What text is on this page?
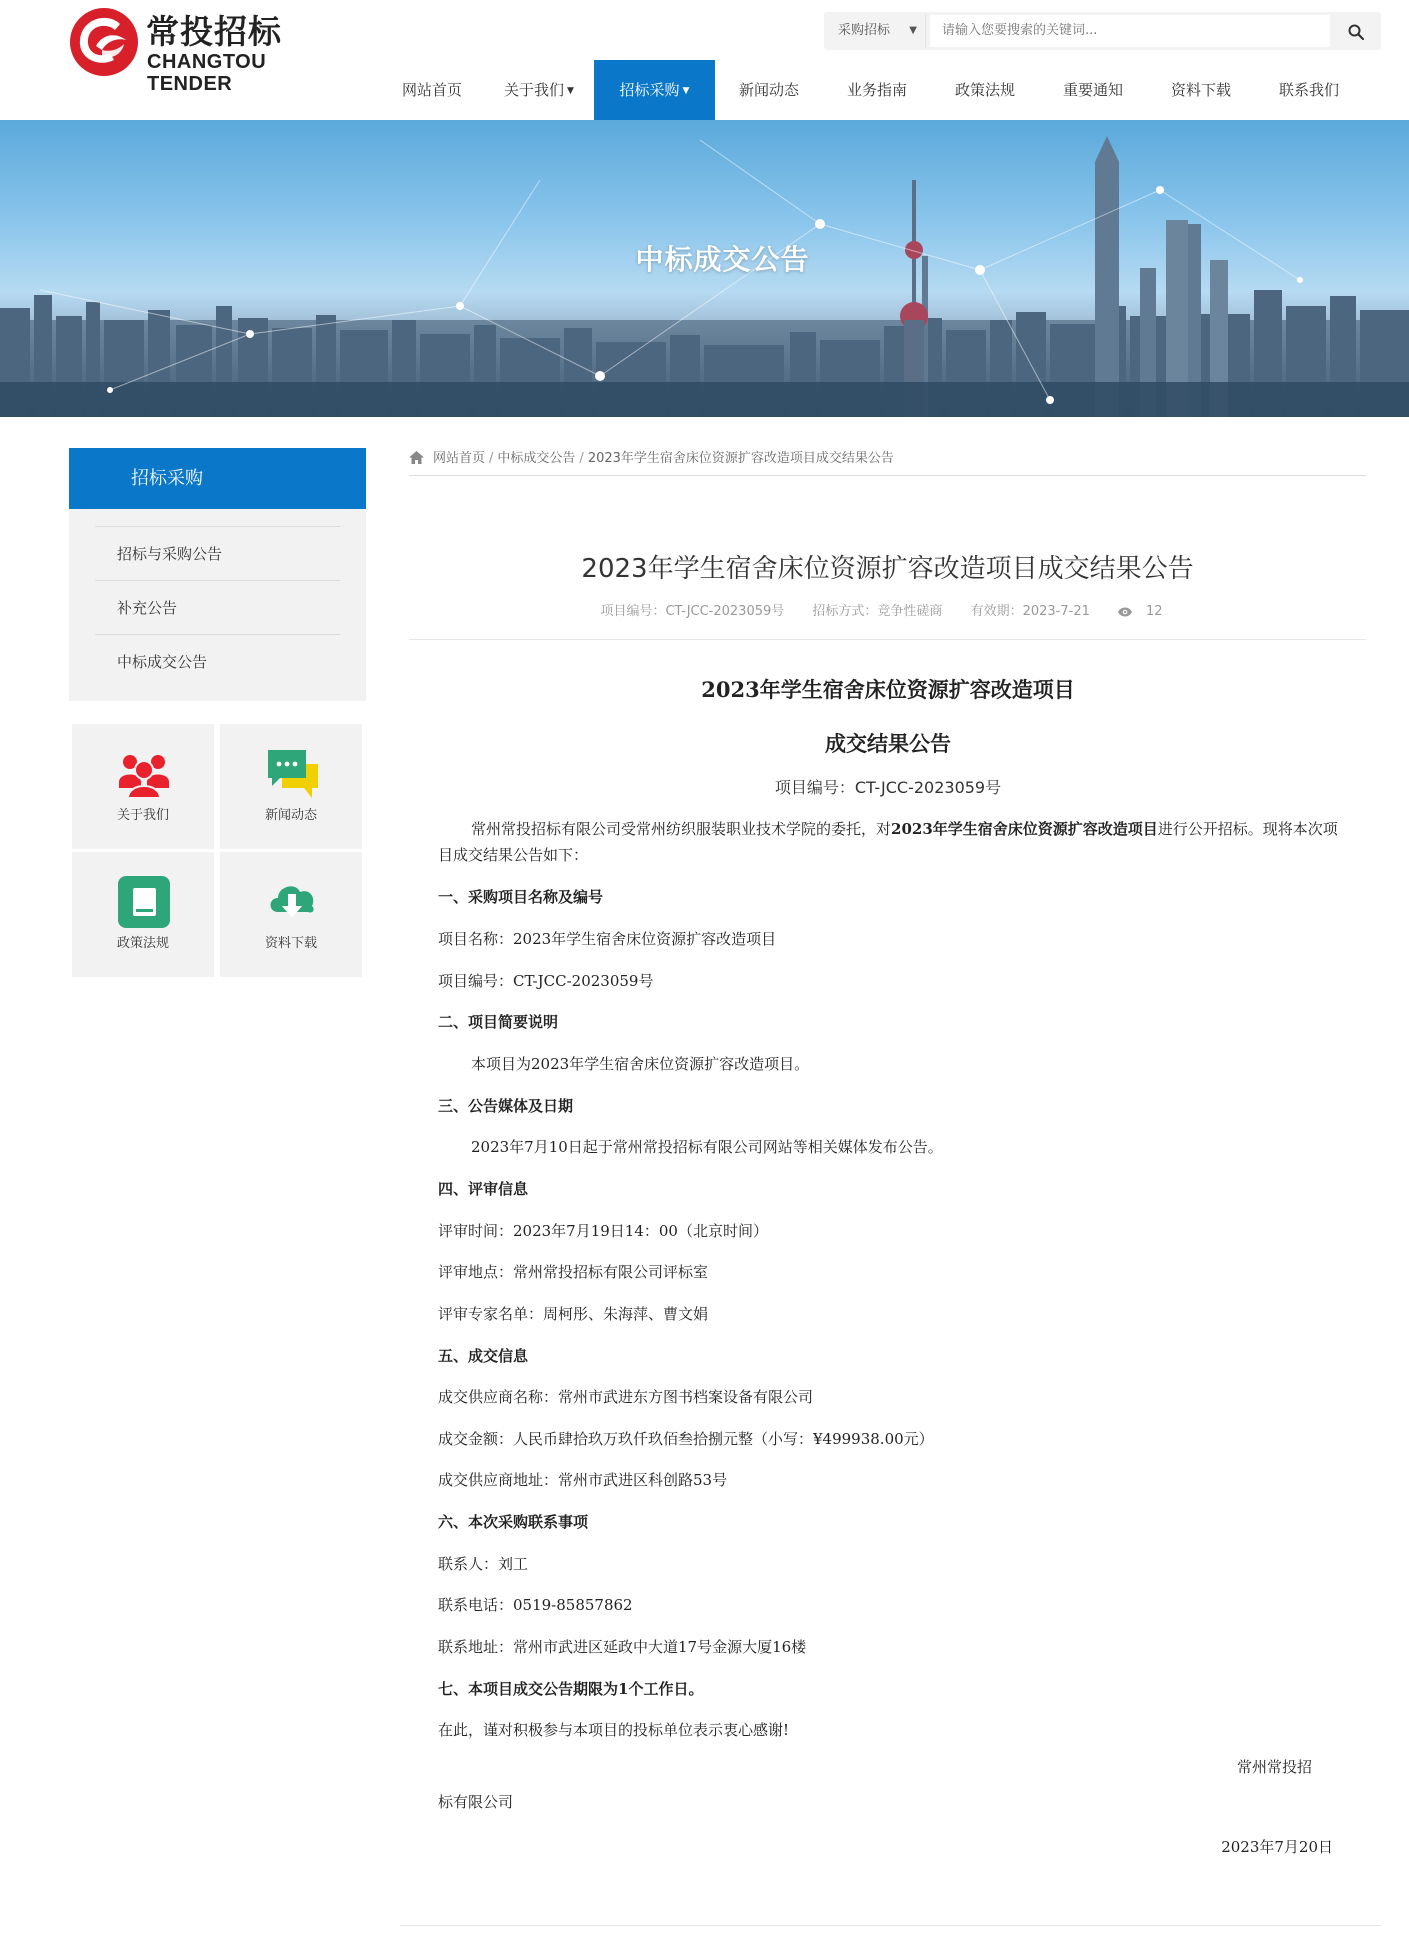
常投招标
CHANGTOU TENDER
采购招标 ▼
请输入您要搜索的关键词...
网站首页	关于我们 ▼	招标采购 ▼	新闻动态	业务指南	政策法规	重要通知	资料下载	联系我们
中标成交公告
招标采购
招标与采购公告
补充公告
中标成交公告
关于我们	新闻动态
政策法规	资料下载
网站首页 / 中标成交公告 / 2023年学生宿舍床位资源扩容改造项目成交结果公告
2023年学生宿舍床位资源扩容改造项目成交结果公告
项目编号：CT-JCC-2023059号 招标方式：竞争性磋商 有效期：2023-7-21	12
2023年学生宿舍床位资源扩容改造项目
成交结果公告
项目编号：CT-JCC-2023059号
常州常投招标有限公司受常州纺织服装职业技术学院的委托，对2023年学生宿舍床位资源扩容改造项目进行公开招标。现将本次项目成交结果公告如下：
一、采购项目名称及编号
项目名称：2023年学生宿舍床位资源扩容改造项目
项目编号：CT-JCC-2023059号
二、项目简要说明
本项目为2023年学生宿舍床位资源扩容改造项目。
三、公告媒体及日期
2023年7月10日起于常州常投招标有限公司网站等相关媒体发布公告。
四、评审信息
评审时间：2023年7月19日14：00（北京时间）
评审地点：常州常投招标有限公司评标室
评审专家名单：周柯彤、朱海萍、曹文娟
五、成交信息
成交供应商名称：常州市武进东方图书档案设备有限公司
成交金额：人民币肆拾玖万玖仟玖佰叁拾捌元整（小写：¥499938.00元）
成交供应商地址：常州市武进区科创路53号
六、本次采购联系事项
联系人：刘工
联系电话：0519-85857862
联系地址：常州市武进区延政中大道17号金源大厦16楼
七、本项目成交公告期限为1个工作日。
在此，谨对积极参与本项目的投标单位表示衷心感谢!
常州常投招
标有限公司
2023年7月20日
